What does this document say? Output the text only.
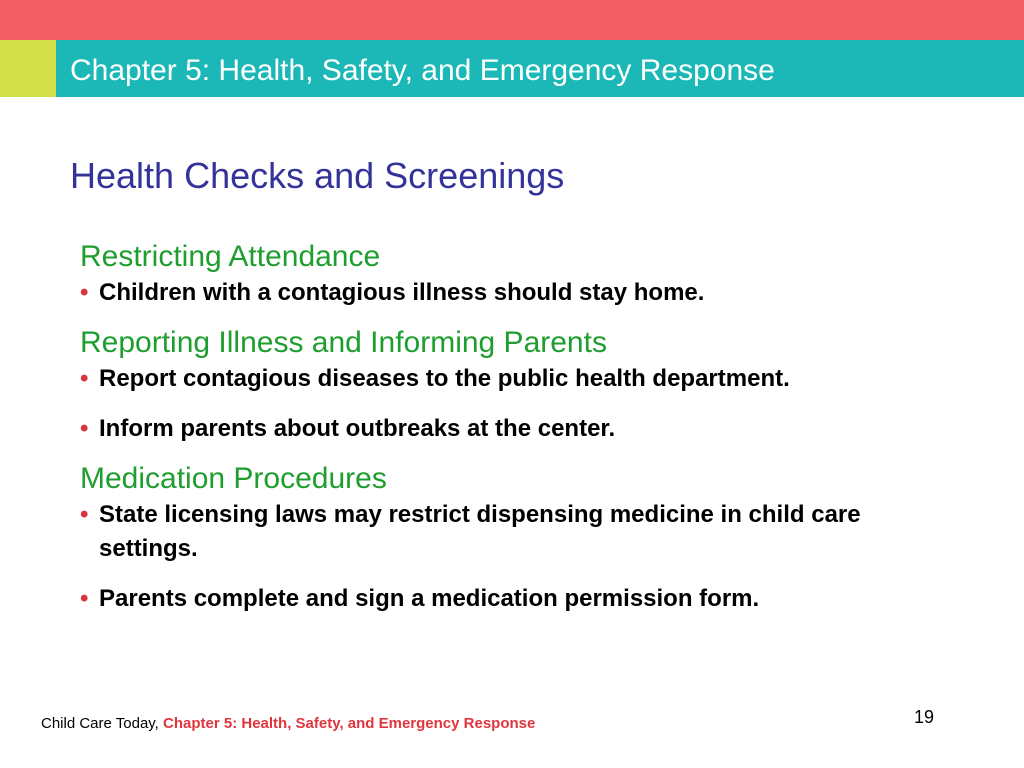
Chapter 5: Health, Safety, and Emergency Response
Health Checks and Screenings

Restricting Attendance

• Children with a contagious illness should stay home.

Reporting Illness and Informing Parents

• Report contagious diseases to the public health department.

• Inform parents about outbreaks at the center.

Medication Procedures

• State licensing laws may restrict dispensing medicine in child care settings.

• Parents complete and sign a medication permission form.

Child Care Today, Chapter 5: Health, Safety, and Emergency Response	19
